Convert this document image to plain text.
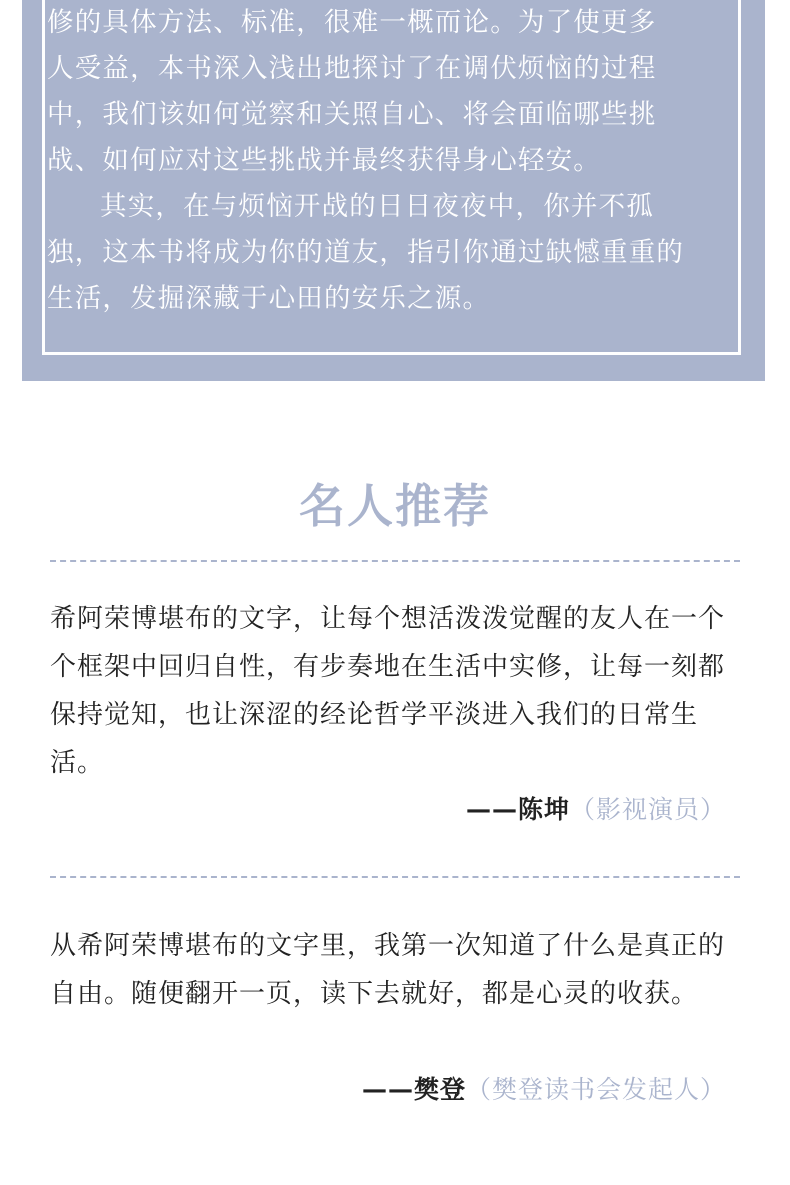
修的具体方法、标准，很难一概而论。为了使更多

人受益，本书深入浅出地探讨了在调伏烦恼的过程

中，我们该如何觉察和关照自心、将会面临哪些挑

战、如何应对这些挑战并最终获得身心轻安。

其实，在与烦恼开战的日日夜夜中，你并不孤独，这本书将成为你的道友，指引你通过缺憾重重的生活，发掘深藏于心田的安乐之源。

名人推荐

希阿荣博堪布的文字，让每个想活泼泼觉醒的友人在一个个框架中回归自性，有步奏地在生活中实修，让每一刻都保持觉知，也让深涩的经论哲学平淡进入我们的日常生活。

——陈坤（影视演员）

从希阿荣博堪布的文字里，我第一次知道了什么是真正的自由。随便翻开一页，读下去就好，都是心灵的收获。

——樊登（樊登读书会发起人）
